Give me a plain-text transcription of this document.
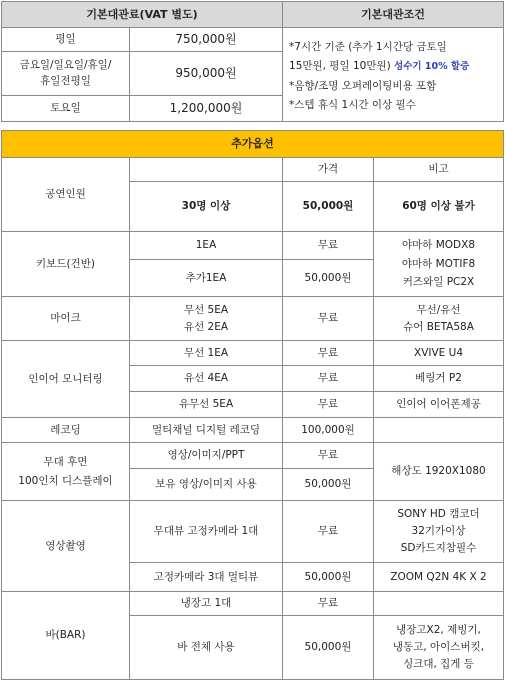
기본대관료(VAT 별도)		기본대관조건
평일	750,000원	*7시간 기준 (추가 1시간당 금토일
15만원, 평일 10만원) 성수기 10% 할증
*음향/조명 오퍼레이팅비용 포함
*스텝 휴식 1시간 이상 필수

금요일/일요일/휴일/
휴일전평일	950,000원	
토요일	1,200,000원	
추가옵션			
공연인원		가격	비고
	30명 이상	50,000원	60명 이상 불가
키보드(건반)	1EA	무료	야마하 MODX8
야마하 MOTIF8
커즈와일 PC2X

	추가1EA	50,000원	
마이크	무선 5EA
유선 2EA	무료	무선/유선
슈어 BETA58A

인이어 모니터링	무선 1EA	무료	XVIVE U4
	유선 4EA	무료	베링거 P2
	유무선 5EA	무료	인이어 이어폰제공
레코딩	멀티채널 디지털 레코딩	100,000원	

무대 후면
100인치 디스플레이	영상/이미지/PPT	무료	해상도 1920X1080
	보유 영상/이미지 사용	50,000원	
영상촬영	무대뷰 고정카메라 1대	무료	SONY HD 캠코더
32기가이상
SD카드지참필수

	고정카메라 3대 멀티뷰	50,000원	ZOOM Q2N 4K X 2
바(BAR)	냉장고 1대	무료	
	바 전체 사용	50,000원	냉장고X2, 제빙기,
냉동고, 아이스버킷,
싱크대, 집게 등
